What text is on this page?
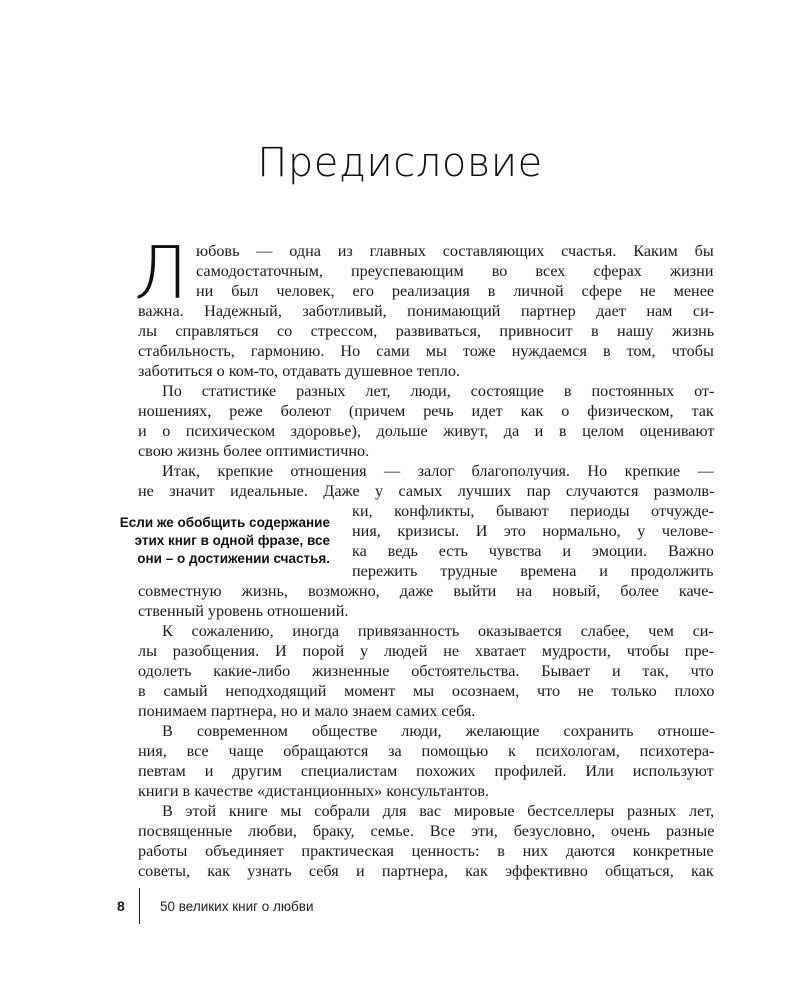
Предисловие
Л юбовь — одна из главных составляющих счастья. Каким бы
самодостаточным, преуспевающим во всех сферах жизни
ни был человек, его реализация в личной сфере не менее
важна. Надежный, заботливый, понимающий партнер дает нам си-
лы справляться со стрессом, развиваться, привносит в нашу жизнь
стабильность, гармонию. Но сами мы тоже нуждаемся в том, чтобы
заботиться о ком-то, отдавать душевное тепло.
По статистике разных лет, люди, состоящие в постоянных от-
ношениях, реже болеют (причем речь идет как о физическом, так
и о психическом здоровье), дольше живут, да и в целом оценивают
свою жизнь более оптимистично.
Итак, крепкие отношения — залог благополучия. Но крепкие —
не значит идеальные. Даже у самых лучших пар случаются размолв-
ки, конфликты, бывают периоды отчужде-
ния, кризисы. И это нормально, у челове-
ка ведь есть чувства и эмоции. Важно
пережить трудные времена и продолжить
совместную жизнь, возможно, даже выйти на новый, более каче-
ственный уровень отношений.
Если же обобщить содержание
этих книг в одной фразе, все
они – о достижении счастья.
К сожалению, иногда привязанность оказывается слабее, чем си-
лы разобщения. И порой у людей не хватает мудрости, чтобы пре-
одолеть какие-либо жизненные обстоятельства. Бывает и так, что
в самый неподходящий момент мы осознаем, что не только плохо
понимаем партнера, но и мало знаем самих себя.
В современном обществе люди, желающие сохранить отноше-
ния, все чаще обращаются за помощью к психологам, психотера-
певтам и другим специалистам похожих профилей. Или используют
книги в качестве «дистанционных» консультантов.
В этой книге мы собрали для вас мировые бестселлеры разных лет,
посвященные любви, браку, семье. Все эти, безусловно, очень разные
работы объединяет практическая ценность: в них даются конкретные
советы, как узнать себя и партнера, как эффективно общаться, как
8	50 великих книг о любви
